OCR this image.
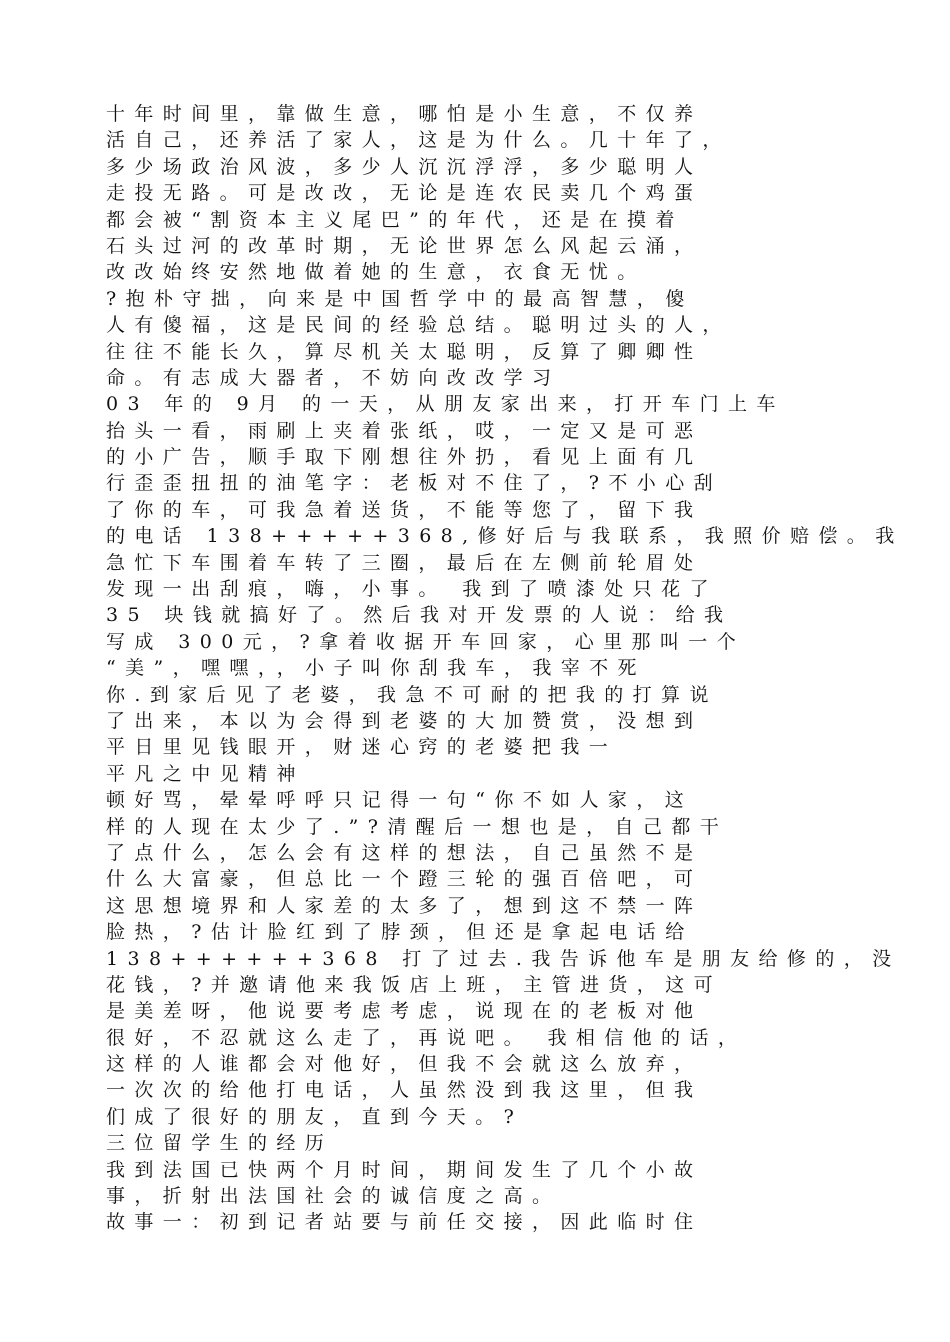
十年时间里，靠做生意，哪怕是小生意，不仅养
活自己，还养活了家人，这是为什么。几十年了，
多少场政治风波，多少人沉沉浮浮，多少聪明人
走投无路。可是改改，无论是连农民卖几个鸡蛋
都会被“割资本主义尾巴”的年代，还是在摸着
石头过河的改革时期，无论世界怎么风起云涌，
改改始终安然地做着她的生意，衣食无忧。
?抱朴守拙，向来是中国哲学中的最高智慧，傻
人有傻福，这是民间的经验总结。聪明过头的人，
往往不能长久，算尽机关太聪明，反算了卿卿性
命。有志成大器者，不妨向改改学习
03 年的 9月 的一天，从朋友家出来，打开车门上车
抬头一看，雨刷上夹着张纸，哎，一定又是可恶
的小广告，顺手取下刚想往外扔，看见上面有几
行歪歪扭扭的油笔字：老板对不住了，?不小心刮
了你的车，可我急着送货，不能等您了，留下我
的电话 138+++++368,修好后与我联系，我照价赔偿。我
急忙下车围着车转了三圈，最后在左侧前轮眉处
发现一出刮痕，嗨，小事。 我到了喷漆处只花了
35 块钱就搞好了。然后我对开发票的人说：给我
写成 300元，?拿着收据开车回家，心里那叫一个
“美”，嘿嘿，，小子叫你刮我车，我宰不死
你.到家后见了老婆，我急不可耐的把我的打算说
了出来，本以为会得到老婆的大加赞赏，没想到
平日里见钱眼开，财迷心窍的老婆把我一
平凡之中见精神
顿好骂，晕晕呼呼只记得一句“你不如人家，这
样的人现在太少了.”?清醒后一想也是，自己都干
了点什么，怎么会有这样的想法，自己虽然不是
什么大富豪，但总比一个蹬三轮的强百倍吧，可
这思想境界和人家差的太多了，想到这不禁一阵
脸热，?估计脸红到了脖颈，但还是拿起电话给
138++++++368 打了过去.我告诉他车是朋友给修的，没
花钱，?并邀请他来我饭店上班，主管进货，这可
是美差呀，他说要考虑考虑，说现在的老板对他
很好，不忍就这么走了，再说吧。 我相信他的话，
这样的人谁都会对他好，但我不会就这么放弃，
一次次的给他打电话，人虽然没到我这里，但我
们成了很好的朋友，直到今天。?
三位留学生的经历
我到法国已快两个月时间，期间发生了几个小故
事，折射出法国社会的诚信度之高。
故事一：初到记者站要与前任交接，因此临时住
